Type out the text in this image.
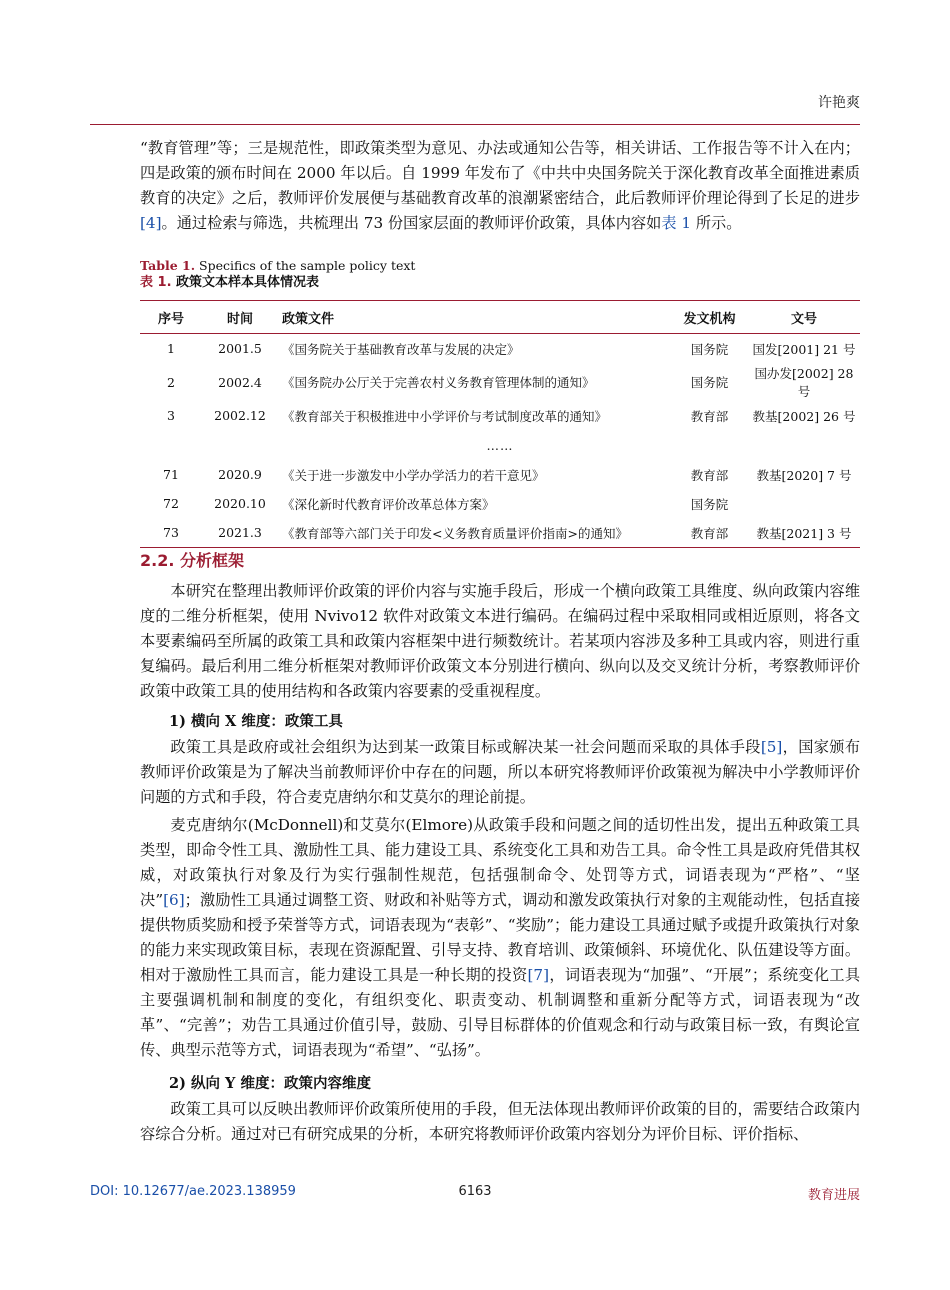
许艳爽

“教育管理”等；三是规范性，即政策类型为意见、办法或通知公告等，相关讲话、工作报告等不计入在内；四是政策的颁布时间在 2000 年以后。自 1999 年发布了《中共中央国务院关于深化教育改革全面推进素质教育的决定》之后，教师评价发展便与基础教育改革的浪潮紧密结合，此后教师评价理论得到了长足的进步[4]。通过检索与筛选，共梳理出 73 份国家层面的教师评价政策，具体内容如表 1 所示。

Table 1. Specifics of the sample policy text
表 1. 政策文本样本具体情况表
序号	时间	政策文件	发文机构	文号
1	2001.5	《国务院关于基础教育改革与发展的决定》	国务院	国发[2001] 21 号
2	2002.4	《国务院办公厅关于完善农村义务教育管理体制的通知》	国务院	国办发[2002] 28 号
3	2002.12	《教育部关于积极推进中小学评价与考试制度改革的通知》	教育部	教基[2002] 26 号
……				
71	2020.9	《关于进一步激发中小学办学活力的若干意见》	教育部	教基[2020] 7 号
72	2020.10	《深化新时代教育评价改革总体方案》	国务院	
73	2021.3	《教育部等六部门关于印发<义务教育质量评价指南>的通知》	教育部	教基[2021] 3 号
2.2. 分析框架

本研究在整理出教师评价政策的评价内容与实施手段后，形成一个横向政策工具维度、纵向政策内容维度的二维分析框架，使用 Nvivo12 软件对政策文本进行编码。在编码过程中采取相同或相近原则，将各文本要素编码至所属的政策工具和政策内容框架中进行频数统计。若某项内容涉及多种工具或内容，则进行重复编码。最后利用二维分析框架对教师评价政策文本分别进行横向、纵向以及交叉统计分析，考察教师评价政策中政策工具的使用结构和各政策内容要素的受重视程度。

1) 横向 X 维度：政策工具

政策工具是政府或社会组织为达到某一政策目标或解决某一社会问题而采取的具体手段[5]，国家颁布教师评价政策是为了解决当前教师评价中存在的问题，所以本研究将教师评价政策视为解决中小学教师评价问题的方式和手段，符合麦克唐纳尔和艾莫尔的理论前提。

麦克唐纳尔(McDonnell)和艾莫尔(Elmore)从政策手段和问题之间的适切性出发，提出五种政策工具类型，即命令性工具、激励性工具、能力建设工具、系统变化工具和劝告工具。命令性工具是政府凭借其权威，对政策执行对象及行为实行强制性规范，包括强制命令、处罚等方式，词语表现为“严格”、“坚决”[6]；激励性工具通过调整工资、财政和补贴等方式，调动和激发政策执行对象的主观能动性，包括直接提供物质奖励和授予荣誉等方式，词语表现为“表彰”、“奖励”；能力建设工具通过赋予或提升政策执行对象的能力来实现政策目标，表现在资源配置、引导支持、教育培训、政策倾斜、环境优化、队伍建设等方面。相对于激励性工具而言，能力建设工具是一种长期的投资[7]，词语表现为“加强”、“开展”；系统变化工具主要强调机制和制度的变化，有组织变化、职责变动、机制调整和重新分配等方式，词语表现为“改革”、“完善”；劝告工具通过价值引导，鼓励、引导目标群体的价值观念和行动与政策目标一致，有舆论宣传、典型示范等方式，词语表现为“希望”、“弘扬”。

2) 纵向 Y 维度：政策内容维度

政策工具可以反映出教师评价政策所使用的手段，但无法体现出教师评价政策的目的，需要结合政策内容综合分析。通过对已有研究成果的分析，本研究将教师评价政策内容划分为评价目标、评价指标、

DOI: 10.12677/ae.2023.138959	6163	教育进展
